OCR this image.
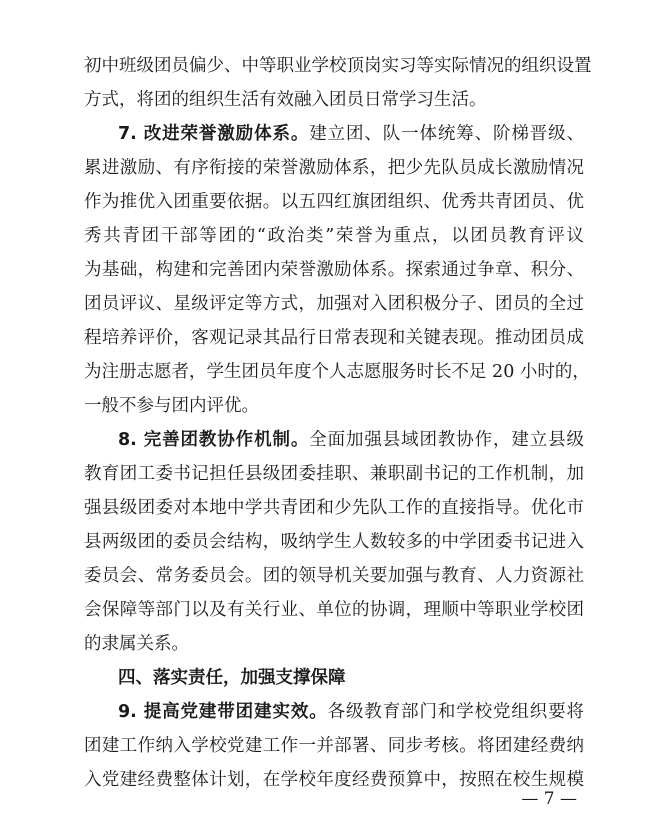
初中班级团员偏少、中等职业学校顶岗实习等实际情况的组织设置
方式，将团的组织生活有效融入团员日常学习生活。
7. 改进荣誉激励体系。建立团、队一体统筹、阶梯晋级、
累进激励、有序衔接的荣誉激励体系，把少先队员成长激励情况
作为推优入团重要依据。以五四红旗团组织、优秀共青团员、优
秀共青团干部等团的“政治类”荣誉为重点，以团员教育评议
为基础，构建和完善团内荣誉激励体系。探索通过争章、积分、
团员评议、星级评定等方式，加强对入团积极分子、团员的全过
程培养评价，客观记录其品行日常表现和关键表现。推动团员成
为注册志愿者，学生团员年度个人志愿服务时长不足 20 小时的，
一般不参与团内评优。
8. 完善团教协作机制。全面加强县域团教协作，建立县级
教育团工委书记担任县级团委挂职、兼职副书记的工作机制，加
强县级团委对本地中学共青团和少先队工作的直接指导。优化市
县两级团的委员会结构，吸纳学生人数较多的中学团委书记进入
委员会、常务委员会。团的领导机关要加强与教育、人力资源社
会保障等部门以及有关行业、单位的协调，理顺中等职业学校团
的隶属关系。
四、落实责任，加强支撑保障
9. 提高党建带团建实效。各级教育部门和学校党组织要将
团建工作纳入学校党建工作一并部署、同步考核。将团建经费纳
入党建经费整体计划，在学校年度经费预算中，按照在校生规模
— 7 —
